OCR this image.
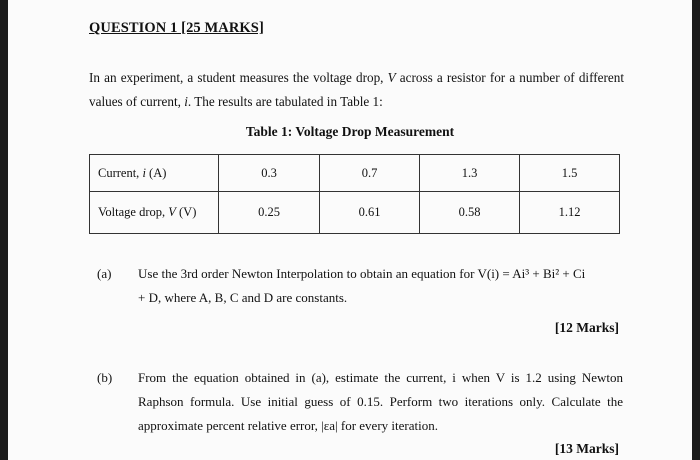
QUESTION 1 [25 MARKS]
In an experiment, a student measures the voltage drop, V across a resistor for a number of different values of current, i. The results are tabulated in Table 1:
Table 1: Voltage Drop Measurement
Current, i (A)	0.3	0.7	1.3	1.5
Voltage drop, V (V)	0.25	0.61	0.58	1.12
(a) Use the 3rd order Newton Interpolation to obtain an equation for V(i) = Ai³ + Bi² + Ci
+ D, where A, B, C and D are constants.
[12 Marks]
(b) From the equation obtained in (a), estimate the current, i when V is 1.2 using Newton Raphson formula. Use initial guess of 0.15. Perform two iterations only. Calculate the approximate percent relative error, |εa| for every iteration.
[13 Marks]
